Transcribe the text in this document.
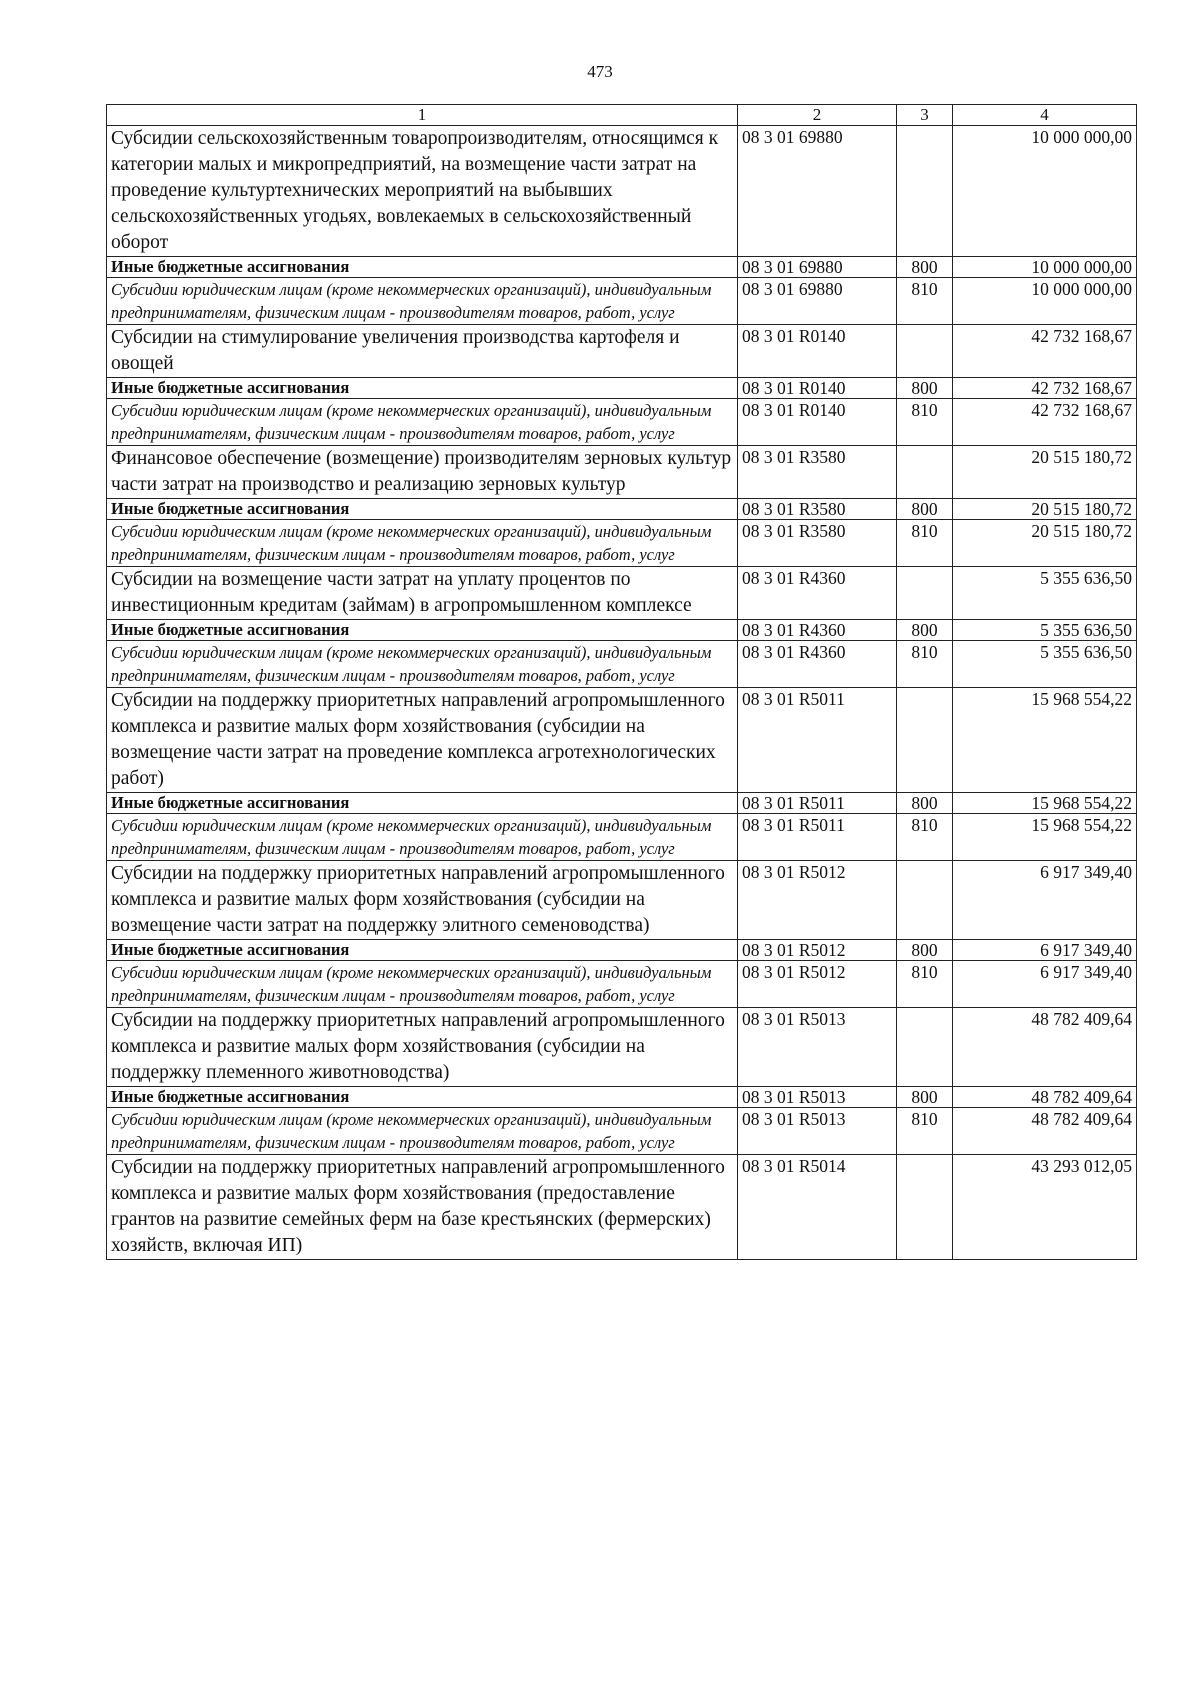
473
1	2	3	4
Субсидии сельскохозяйственным товаропроизводителям, относящимся к категории малых и микропредприятий, на возмещение части затрат на проведение культуртехнических мероприятий на выбывших сельскохозяйственных угодьях, вовлекаемых в сельскохозяйственный оборот	08 3 01 69880		10 000 000,00
Иные бюджетные ассигнования	08 3 01 69880	800	10 000 000,00
Субсидии юридическим лицам (кроме некоммерческих организаций), индивидуальным предпринимателям, физическим лицам - производителям товаров, работ, услуг	08 3 01 69880	810	10 000 000,00
Субсидии на стимулирование увеличения производства картофеля и овощей	08 3 01 R0140		42 732 168,67
Иные бюджетные ассигнования	08 3 01 R0140	800	42 732 168,67
Субсидии юридическим лицам (кроме некоммерческих организаций), индивидуальным предпринимателям, физическим лицам - производителям товаров, работ, услуг	08 3 01 R0140	810	42 732 168,67
Финансовое обеспечение (возмещение) производителям зерновых культур части затрат на производство и реализацию зерновых культур	08 3 01 R3580		20 515 180,72
Иные бюджетные ассигнования	08 3 01 R3580	800	20 515 180,72
Субсидии юридическим лицам (кроме некоммерческих организаций), индивидуальным предпринимателям, физическим лицам - производителям товаров, работ, услуг	08 3 01 R3580	810	20 515 180,72
Субсидии на возмещение части затрат на уплату процентов по инвестиционным кредитам (займам) в агропромышленном комплексе	08 3 01 R4360		5 355 636,50
Иные бюджетные ассигнования	08 3 01 R4360	800	5 355 636,50
Субсидии юридическим лицам (кроме некоммерческих организаций), индивидуальным предпринимателям, физическим лицам - производителям товаров, работ, услуг	08 3 01 R4360	810	5 355 636,50
Субсидии на поддержку приоритетных направлений агропромышленного комплекса и развитие малых форм хозяйствования (субсидии на возмещение части затрат на проведение комплекса агротехнологических работ)	08 3 01 R5011		15 968 554,22
Иные бюджетные ассигнования	08 3 01 R5011	800	15 968 554,22
Субсидии юридическим лицам (кроме некоммерческих организаций), индивидуальным предпринимателям, физическим лицам - производителям товаров, работ, услуг	08 3 01 R5011	810	15 968 554,22
Субсидии на поддержку приоритетных направлений агропромышленного комплекса и развитие малых форм хозяйствования (субсидии на возмещение части затрат на поддержку элитного семеноводства)	08 3 01 R5012		6 917 349,40
Иные бюджетные ассигнования	08 3 01 R5012	800	6 917 349,40
Субсидии юридическим лицам (кроме некоммерческих организаций), индивидуальным предпринимателям, физическим лицам - производителям товаров, работ, услуг	08 3 01 R5012	810	6 917 349,40
Субсидии на поддержку приоритетных направлений агропромышленного комплекса и развитие малых форм хозяйствования (субсидии на поддержку племенного животноводства)	08 3 01 R5013		48 782 409,64
Иные бюджетные ассигнования	08 3 01 R5013	800	48 782 409,64
Субсидии юридическим лицам (кроме некоммерческих организаций), индивидуальным предпринимателям, физическим лицам - производителям товаров, работ, услуг	08 3 01 R5013	810	48 782 409,64
Субсидии на поддержку приоритетных направлений агропромышленного комплекса и развитие малых форм хозяйствования (предоставление грантов на развитие семейных ферм на базе крестьянских (фермерских) хозяйств, включая ИП)	08 3 01 R5014		43 293 012,05
